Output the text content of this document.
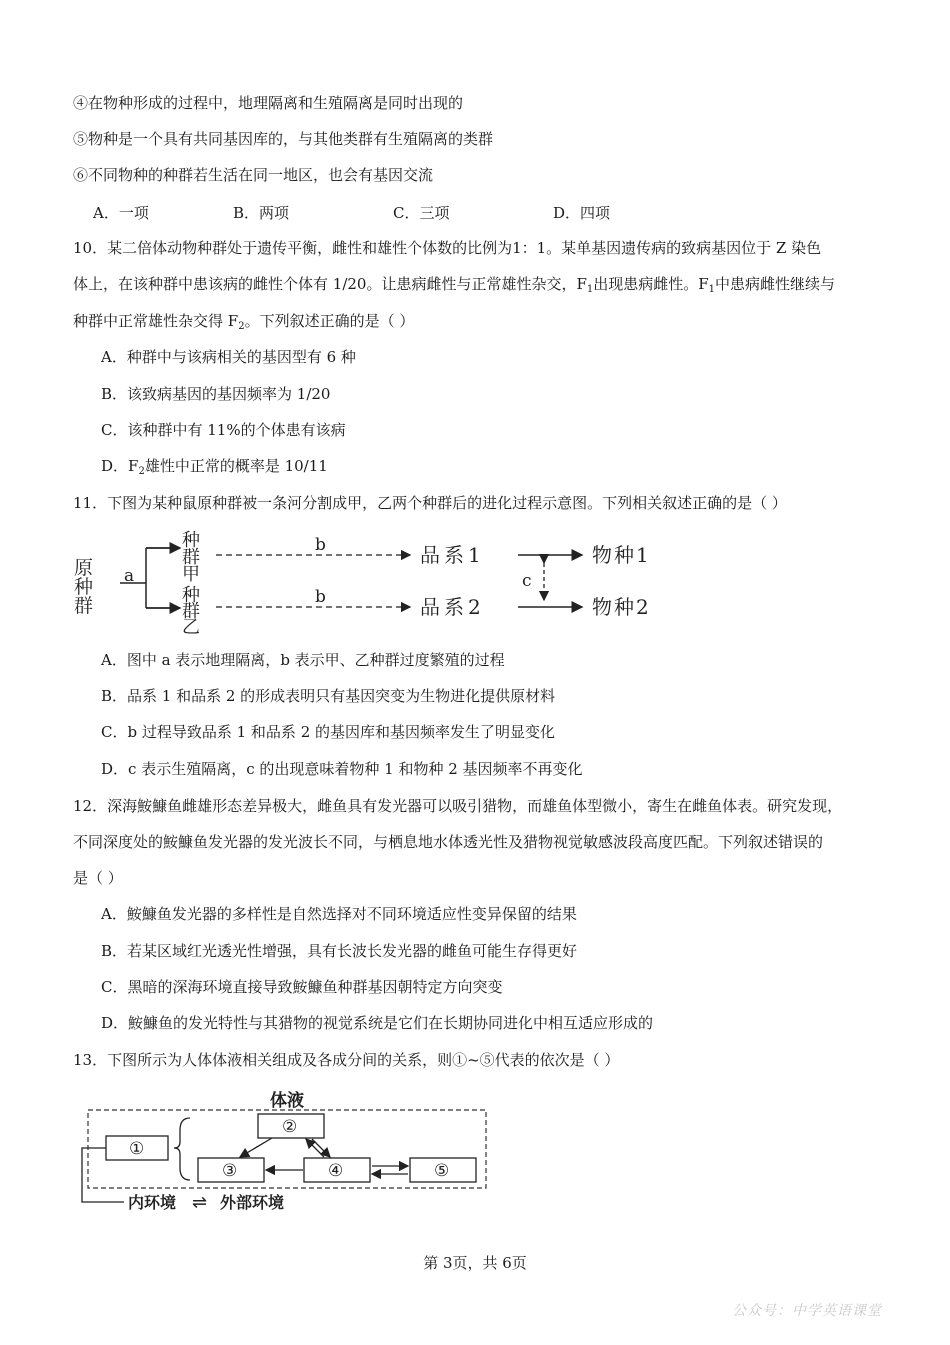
④在物种形成的过程中，地理隔离和生殖隔离是同时出现的
⑤物种是一个具有共同基因库的，与其他类群有生殖隔离的类群
⑥不同物种的种群若生活在同一地区，也会有基因交流
A．一项	B．两项	C．三项	D．四项
10．某二倍体动物种群处于遗传平衡，雌性和雄性个体数的比例为1：1。某单基因遗传病的致病基因位于 Z 染色
体上，在该种群中患该病的雌性个体有 1/20。让患病雌性与正常雄性杂交，$F_1$出现患病雌性。$F_1$中患病雌性继续与
种群中正常雄性杂交得 $F_2$。下列叙述正确的是（ ）
A．种群中与该病相关的基因型有 6 种
B．该致病基因的基因频率为 1/20
C．该种群中有 11%的个体患有该病
D．$F_2$雄性中正常的概率是 10/11
11．下图为某种鼠原种群被一条河分割成甲，乙两个种群后的进化过程示意图。下列相关叙述正确的是（ ）
原
种
群
a
种
群
甲
种
群
乙
b
b
品系1
品系2
c
物种1
物种2
A．图中 a 表示地理隔离，b 表示甲、乙种群过度繁殖的过程
B．品系 1 和品系 2 的形成表明只有基因突变为生物进化提供原材料
C．b 过程导致品系 1 和品系 2 的基因库和基因频率发生了明显变化
D．c 表示生殖隔离，c 的出现意味着物种 1 和物种 2 基因频率不再变化
12．深海鮟鱇鱼雌雄形态差异极大，雌鱼具有发光器可以吸引猎物，而雄鱼体型微小，寄生在雌鱼体表。研究发现，
不同深度处的鮟鱇鱼发光器的发光波长不同，与栖息地水体透光性及猎物视觉敏感波段高度匹配。下列叙述错误的
是（ ）
A．鮟鱇鱼发光器的多样性是自然选择对不同环境适应性变异保留的结果
B．若某区域红光透光性增强，具有长波长发光器的雌鱼可能生存得更好
C．黑暗的深海环境直接导致鮟鱇鱼种群基因朝特定方向突变
D．鮟鱇鱼的发光特性与其猎物的视觉系统是它们在长期协同进化中相互适应形成的
13．下图所示为人体体液相关组成及各成分间的关系，则①~⑤代表的依次是（ ）
体液
①
②
③	④	⑤
内环境 ⇌ 外部环境
第 3页，共 6页
公众号：中学英语课堂
